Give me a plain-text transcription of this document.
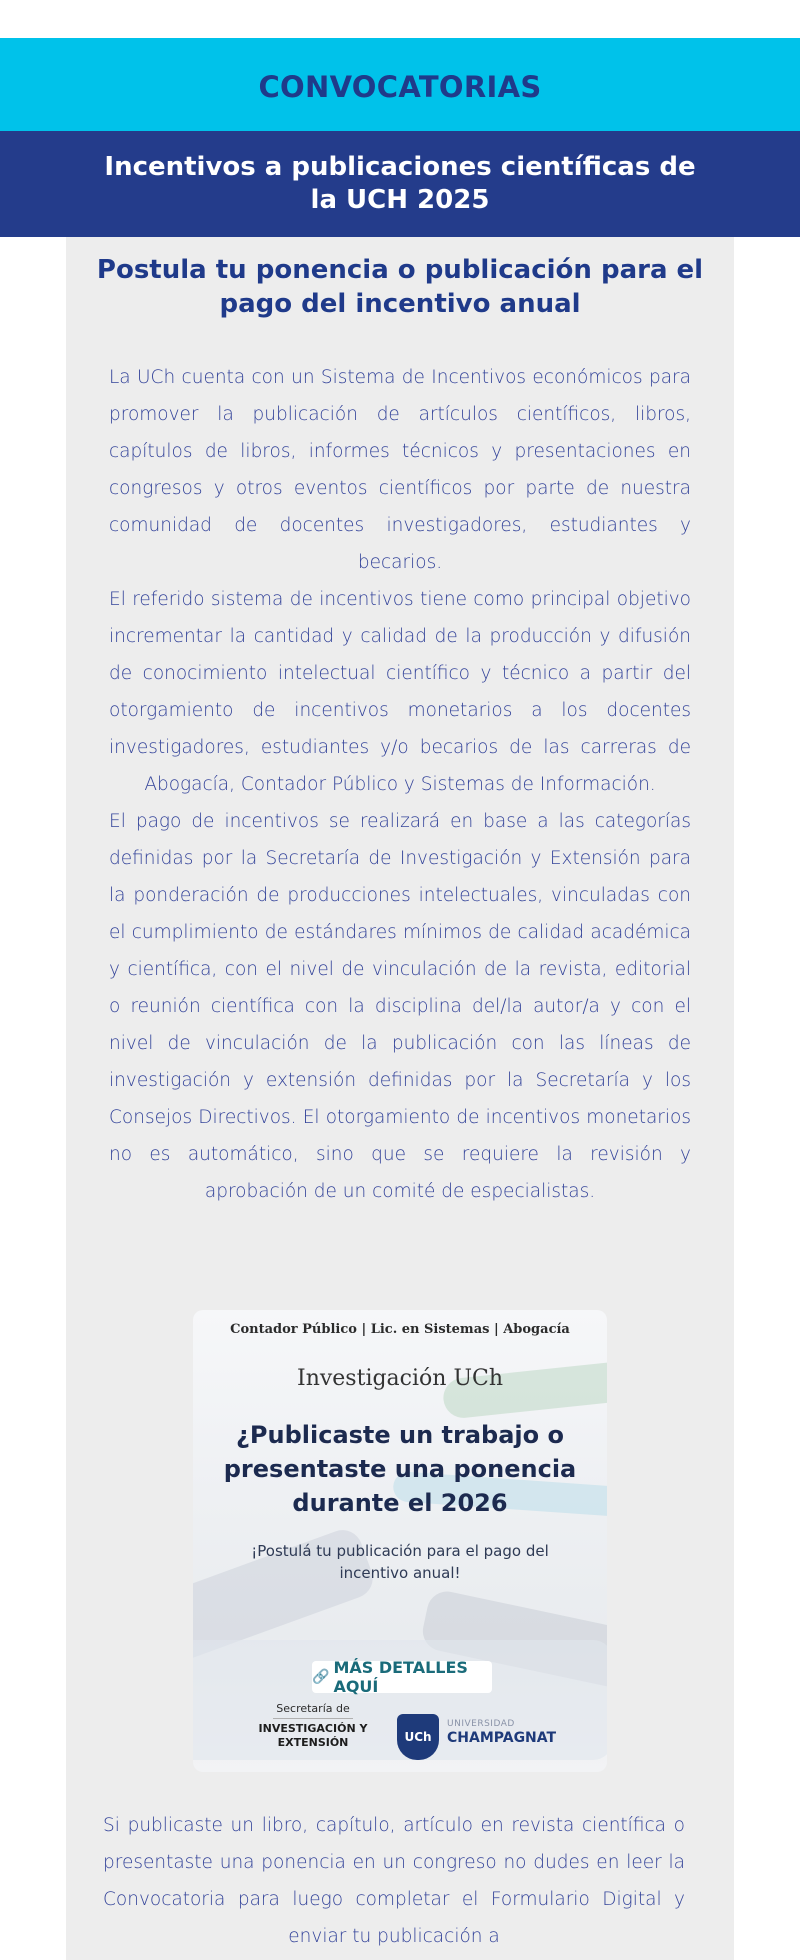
CONVOCATORIAS
Incentivos a publicaciones científicas de la UCH 2025
Postula tu ponencia o publicación para el pago del incentivo anual

La UCh cuenta con un Sistema de Incentivos económicos para promover la publicación de artículos científicos, libros, capítulos de libros, informes técnicos y presentaciones en congresos y otros eventos científicos por parte de nuestra comunidad de docentes investigadores, estudiantes y becarios.

El referido sistema de incentivos tiene como principal objetivo incrementar la cantidad y calidad de la producción y difusión de conocimiento intelectual científico y técnico a partir del otorgamiento de incentivos monetarios a los docentes investigadores, estudiantes y/o becarios de las carreras de Abogacía, Contador Público y Sistemas de Información.

El pago de incentivos se realizará en base a las categorías definidas por la Secretaría de Investigación y Extensión para la ponderación de producciones intelectuales, vinculadas con el cumplimiento de estándares mínimos de calidad académica y científica, con el nivel de vinculación de la revista, editorial o reunión científica con la disciplina del/la autor/a y con el nivel de vinculación de la publicación con las líneas de investigación y extensión definidas por la Secretaría y los Consejos Directivos. El otorgamiento de incentivos monetarios no es automático, sino que se requiere la revisión y aprobación de un comité de especialistas.

Contador Público | Lic. en Sistemas | Abogacía
Investigación UCh
¿Publicaste un trabajo o presentaste una ponencia durante el 2026
¡Postulá tu publicación para el pago del incentivo anual!
🔗 MÁS DETALLES AQUÍ
Secretaría de
INVESTIGACIÓN Y EXTENSIÓN	UCh
UNIVERSIDAD
CHAMPAGNAT

Si publicaste un libro, capítulo, artículo en revista científica o presentaste una ponencia en un congreso no dudes en leer la Convocatoria para luego completar el Formulario Digital y enviar tu publicación a
